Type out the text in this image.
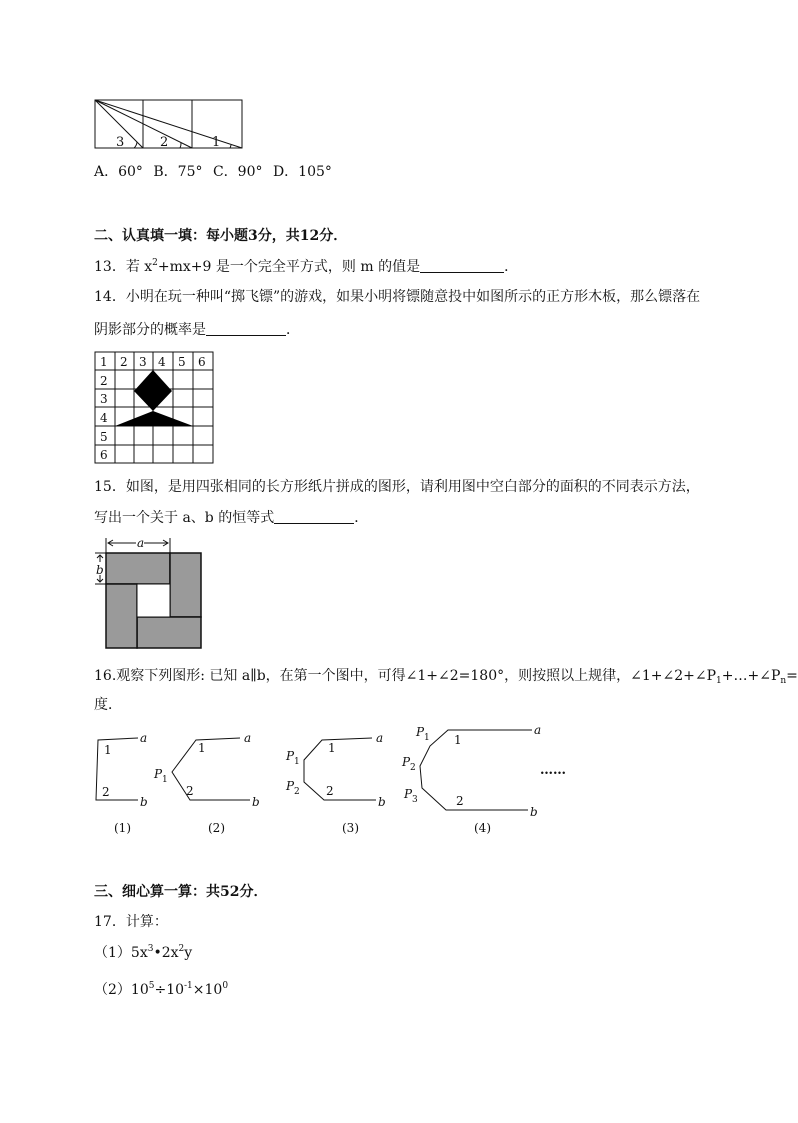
3	2	1
A．60° B．75° C．90° D．105°
二、认真填一填：每小题3分，共12分．
13．若 $x^2+mx+9$ 是一个完全平方式，则 m 的值是	．
14．小明在玩一种叫“掷飞镖”的游戏，如果小明将镖随意投中如图所示的正方形木板，那么镖落在
阴影部分的概率是	．
1 2 3 4 5 6
2
3
4
5
6
15．如图，是用四张相同的长方形纸片拼成的图形，请利用图中空白部分的面积的不同表示方法，
写出一个关于 a、b 的恒等式	．
a
b
16.观察下列图形: 已知 a∥b，在第一个图中，可得∠1+∠2=180°，则按照以上规律，$\angle 1+\angle 2+\angle P_1+\dots+\angle P_n=$
度．
a
b
1
2
(1)
a
b
1
2
P 1
(2)
a
b
1
2
P 1
P 2
(3)
a
b
1
2
P 1
P 2
P 3
(4)
……
三、细心算一算：共52分．
17．计算：
$(1)5x^3•2x^2y$
$(2)10^5\div 10^{-1}\times 10^0$
